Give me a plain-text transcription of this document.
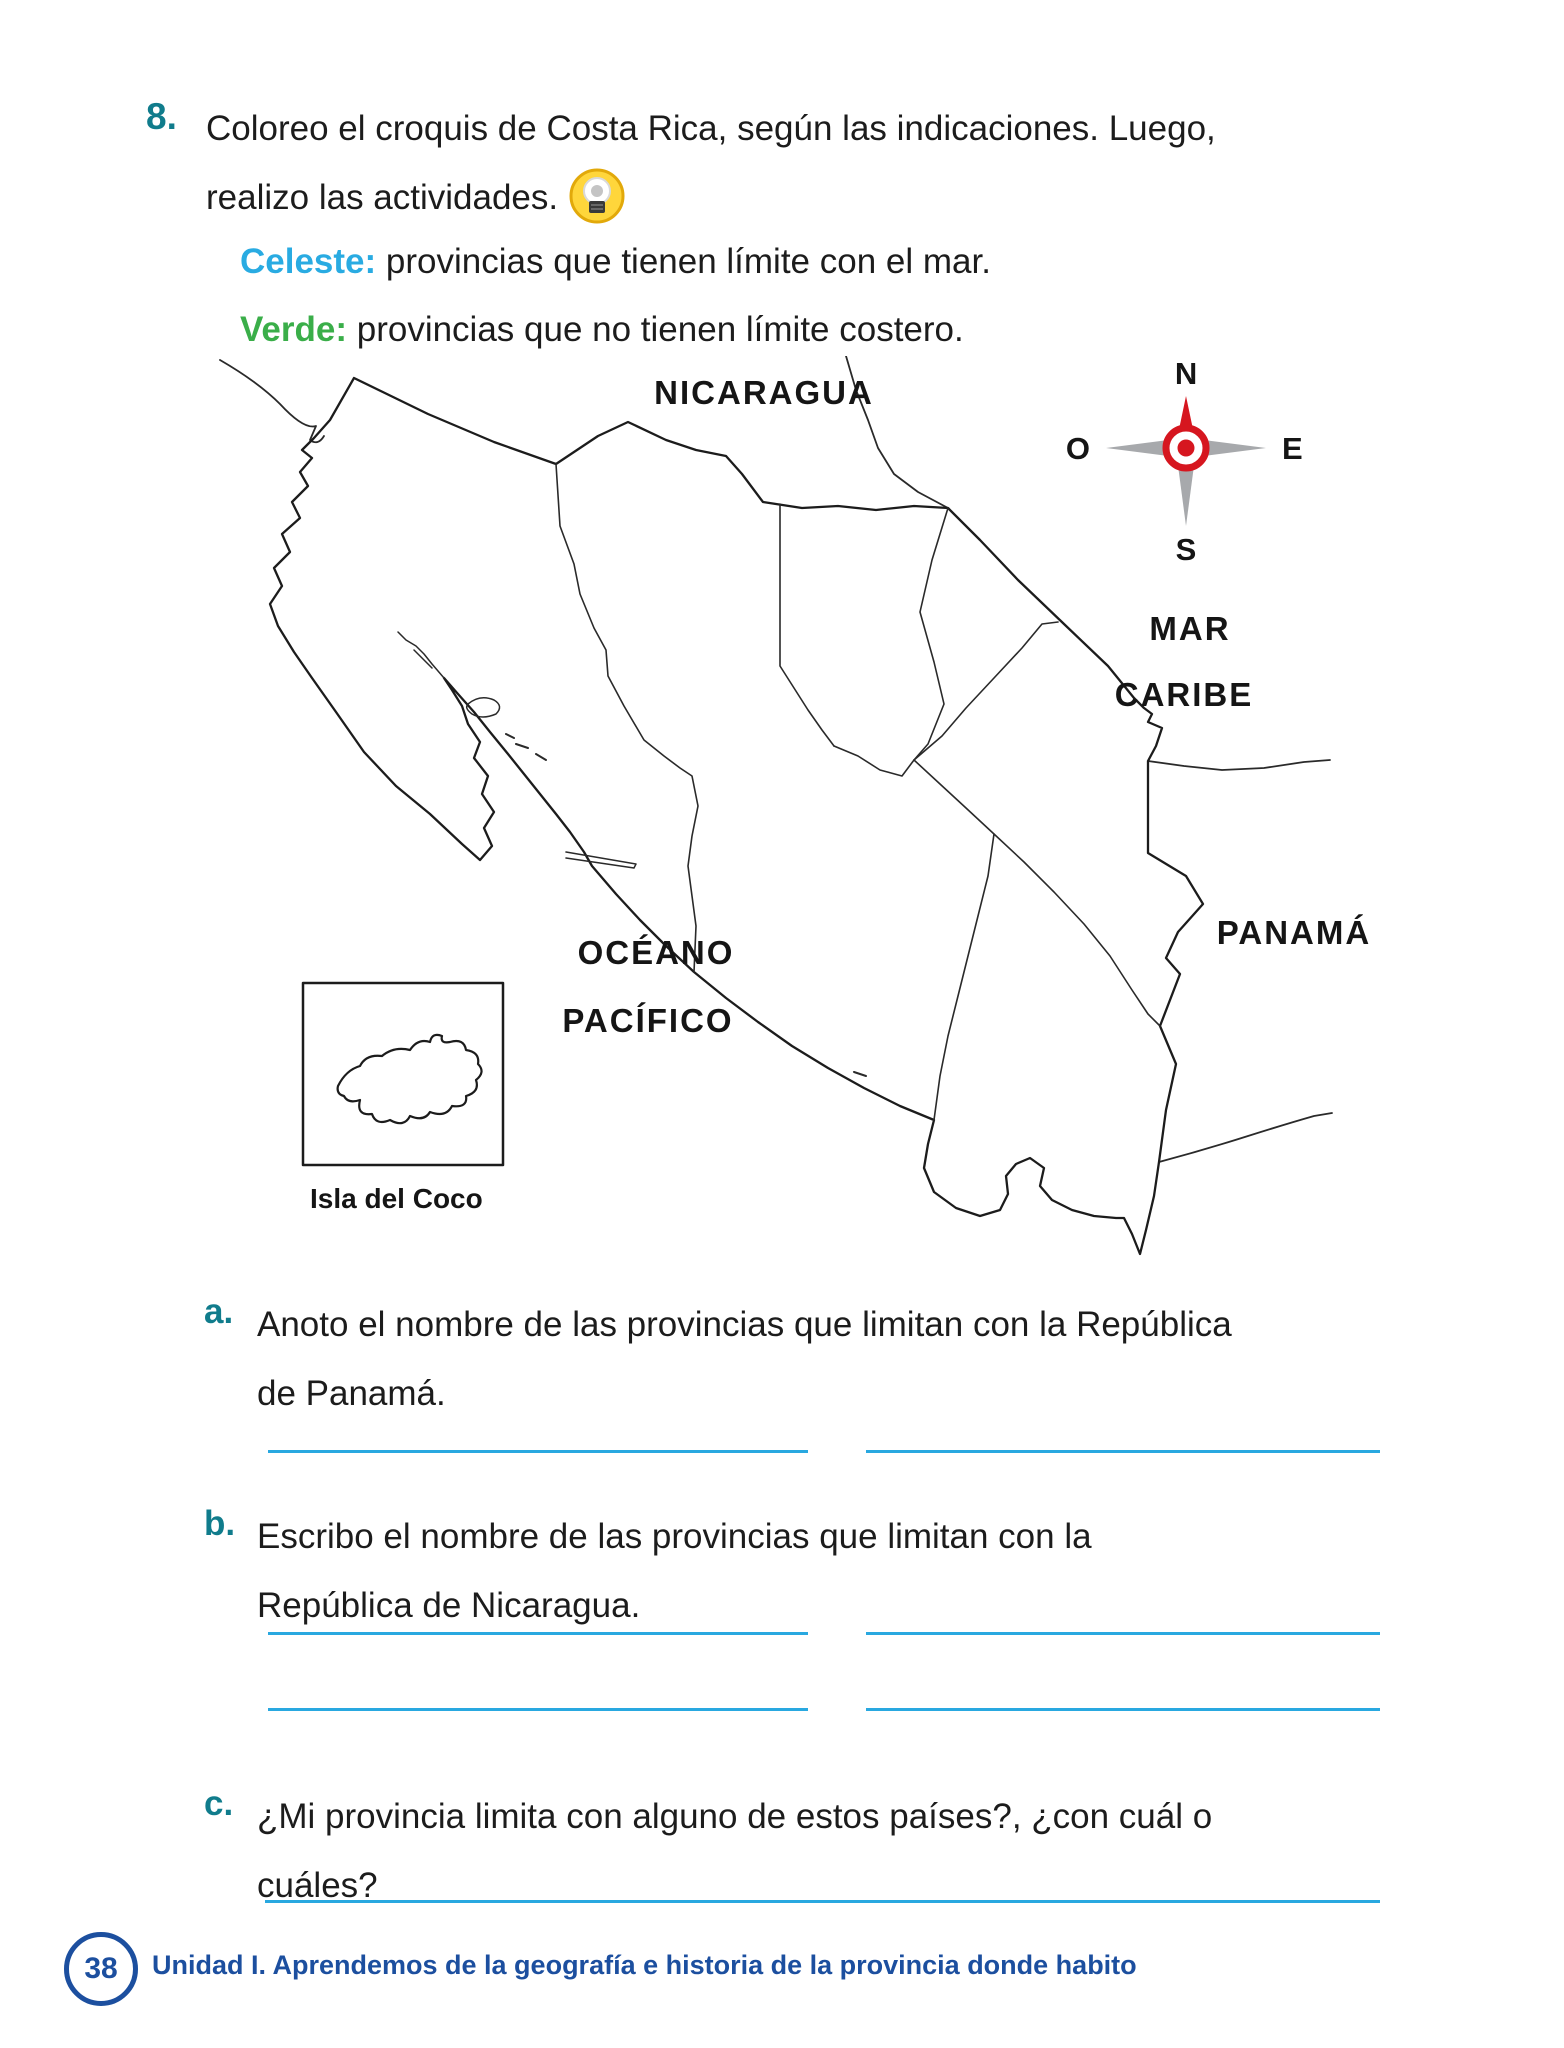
8. Coloreo el croquis de Costa Rica, según las indicaciones. Luego,
realizo las actividades.
Celeste: provincias que tienen límite con el mar.
Verde: provincias que no tienen límite costero.
NICARAGUA
MAR
CARIBE
OCÉANO
PACÍFICO
PANAMÁ
N
S
E
O
Isla del Coco
a. Anoto el nombre de las provincias que limitan con la República
de Panamá.
b. Escribo el nombre de las provincias que limitan con la
República de Nicaragua.
c. ¿Mi provincia limita con alguno de estos países?, ¿con cuál o
cuáles?
38 Unidad I. Aprendemos de la geografía e historia de la provincia donde habito
